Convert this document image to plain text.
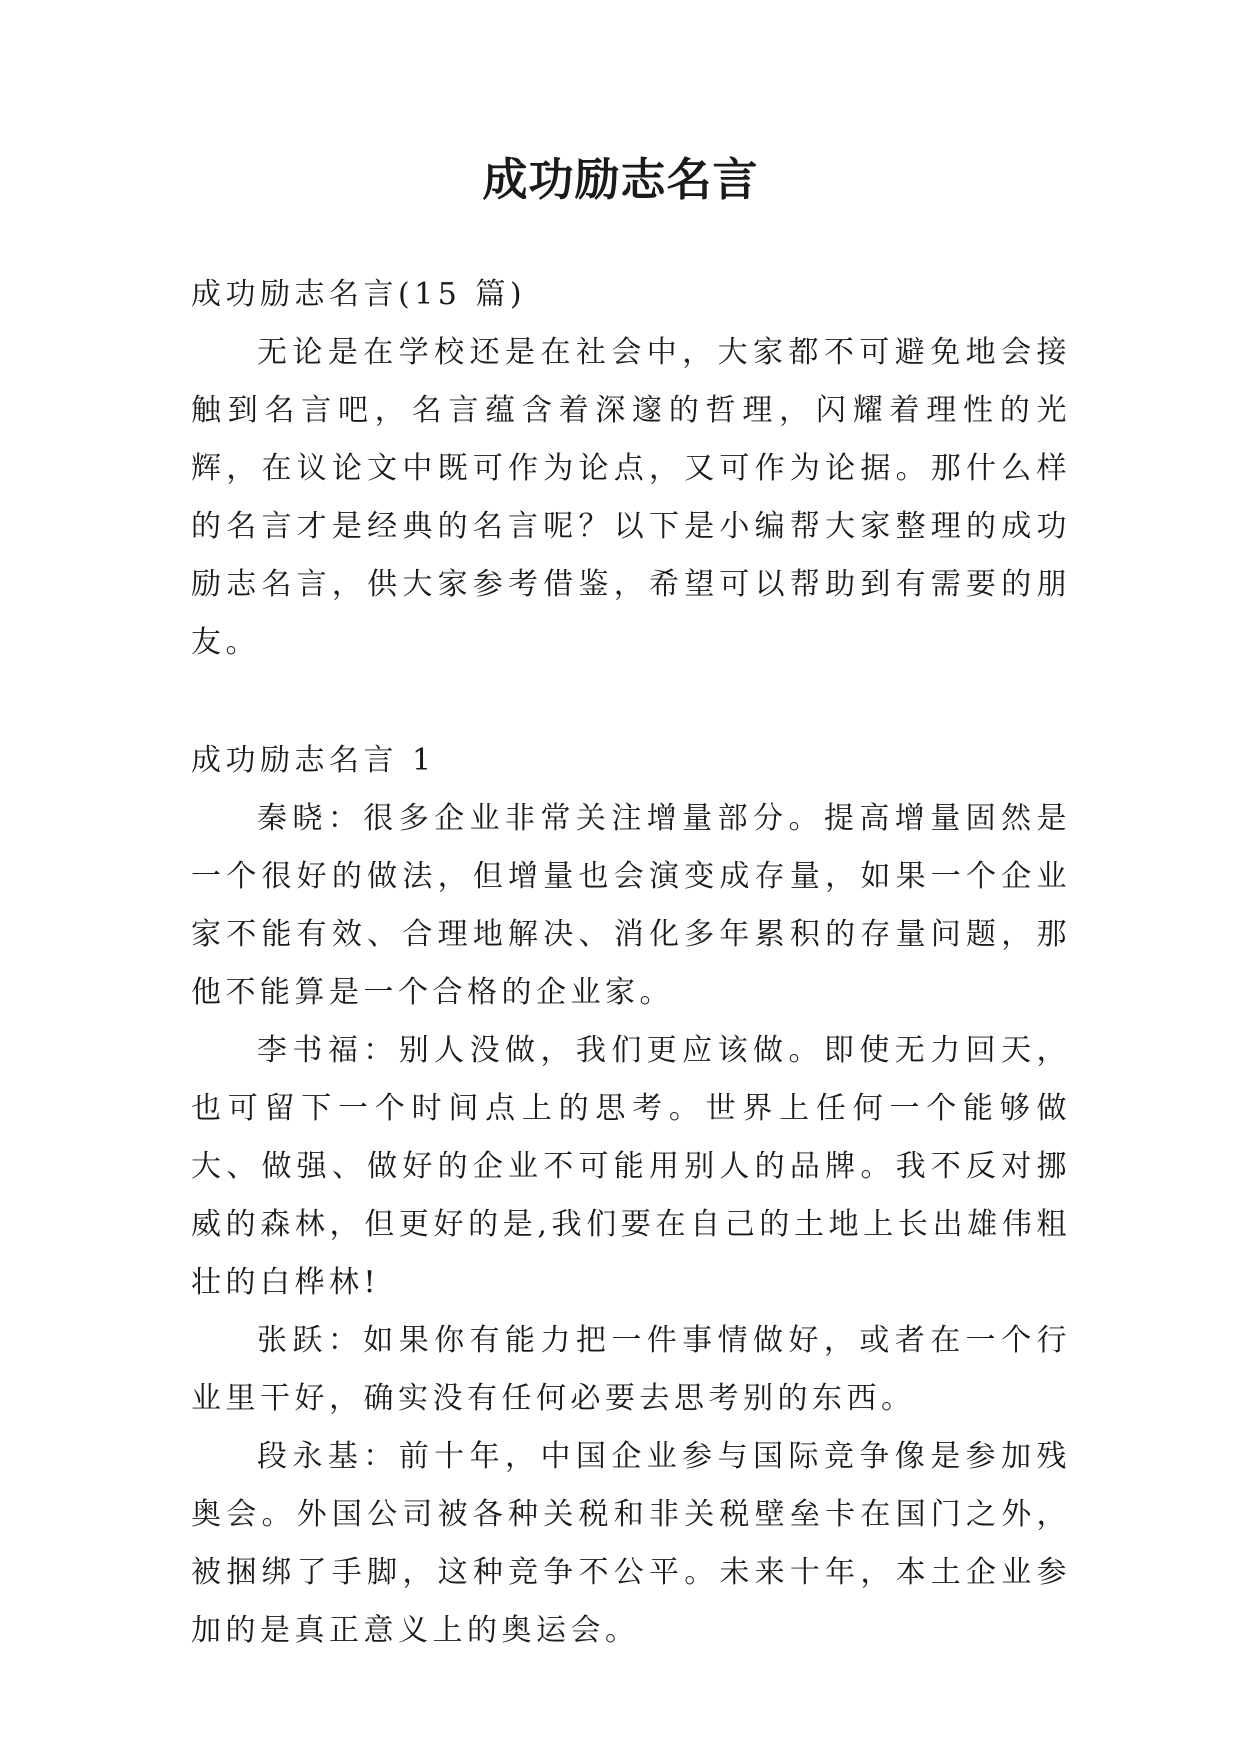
成功励志名言

成功励志名言(15 篇)

无论是在学校还是在社会中，大家都不可避免地会接触到名言吧，名言蕴含着深邃的哲理，闪耀着理性的光辉，在议论文中既可作为论点，又可作为论据。那什么样的名言才是经典的名言呢？以下是小编帮大家整理的成功励志名言，供大家参考借鉴，希望可以帮助到有需要的朋友。

成功励志名言 1

秦晓：很多企业非常关注增量部分。提高增量固然是一个很好的做法，但增量也会演变成存量，如果一个企业家不能有效、合理地解决、消化多年累积的存量问题，那他不能算是一个合格的企业家。

李书福：别人没做，我们更应该做。即使无力回天，也可留下一个时间点上的思考。世界上任何一个能够做大、做强、做好的企业不可能用别人的品牌。我不反对挪威的森林，但更好的是,我们要在自己的土地上长出雄伟粗壮的白桦林!

张跃：如果你有能力把一件事情做好，或者在一个行业里干好，确实没有任何必要去思考别的东西。

段永基：前十年，中国企业参与国际竞争像是参加残奥会。外国公司被各种关税和非关税壁垒卡在国门之外，被捆绑了手脚，这种竞争不公平。未来十年，本土企业参加的是真正意义上的奥运会。
